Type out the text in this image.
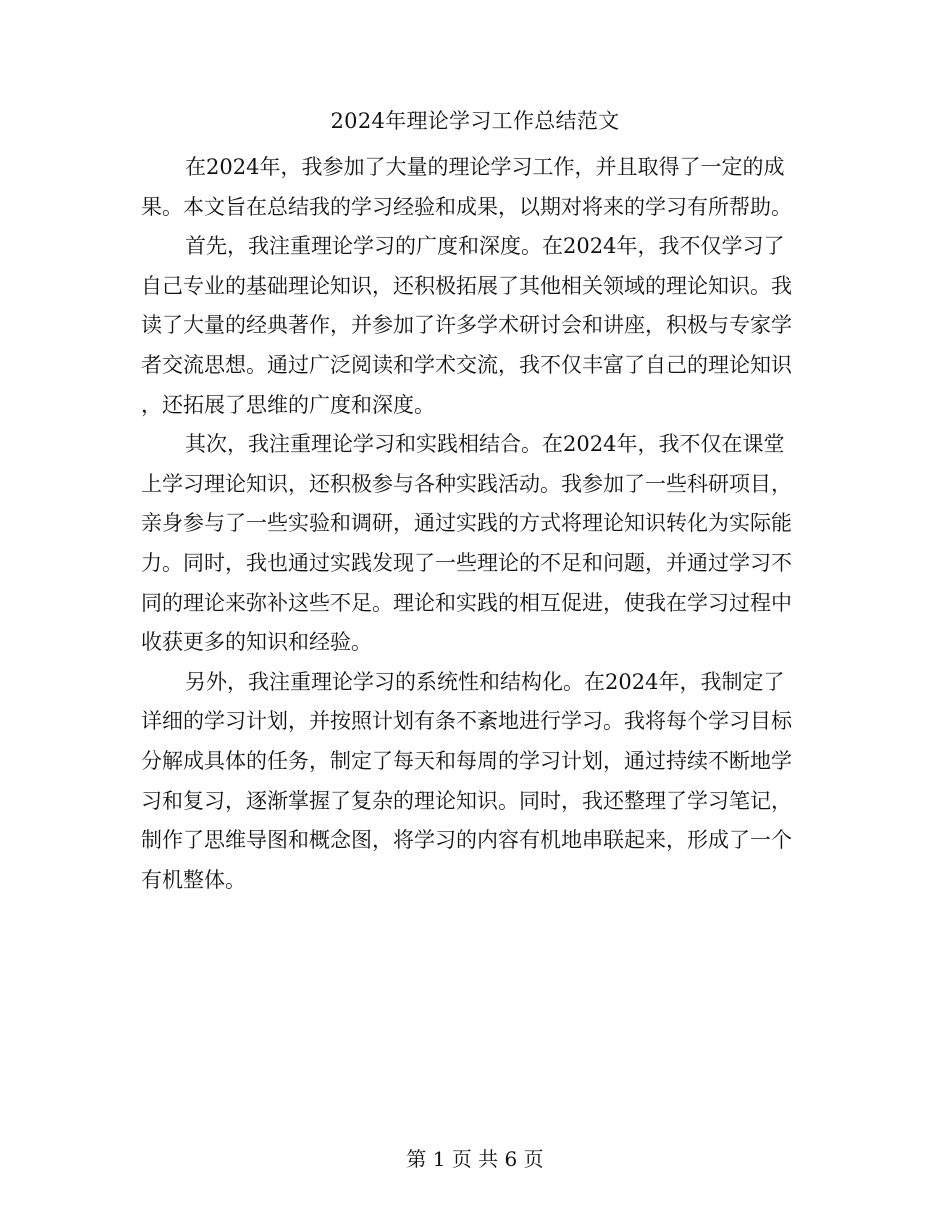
2024年理论学习工作总结范文

在2024年，我参加了大量的理论学习工作，并且取得了一定的成果。本文旨在总结我的学习经验和成果，以期对将来的学习有所帮助。

首先，我注重理论学习的广度和深度。在2024年，我不仅学习了自己专业的基础理论知识，还积极拓展了其他相关领域的理论知识。我读了大量的经典著作，并参加了许多学术研讨会和讲座，积极与专家学者交流思想。通过广泛阅读和学术交流，我不仅丰富了自己的理论知识，还拓展了思维的广度和深度。

其次，我注重理论学习和实践相结合。在2024年，我不仅在课堂上学习理论知识，还积极参与各种实践活动。我参加了一些科研项目，亲身参与了一些实验和调研，通过实践的方式将理论知识转化为实际能力。同时，我也通过实践发现了一些理论的不足和问题，并通过学习不同的理论来弥补这些不足。理论和实践的相互促进，使我在学习过程中收获更多的知识和经验。

另外，我注重理论学习的系统性和结构化。在2024年，我制定了详细的学习计划，并按照计划有条不紊地进行学习。我将每个学习目标分解成具体的任务，制定了每天和每周的学习计划，通过持续不断地学习和复习，逐渐掌握了复杂的理论知识。同时，我还整理了学习笔记，制作了思维导图和概念图，将学习的内容有机地串联起来，形成了一个有机整体。

第 1 页 共 6 页
